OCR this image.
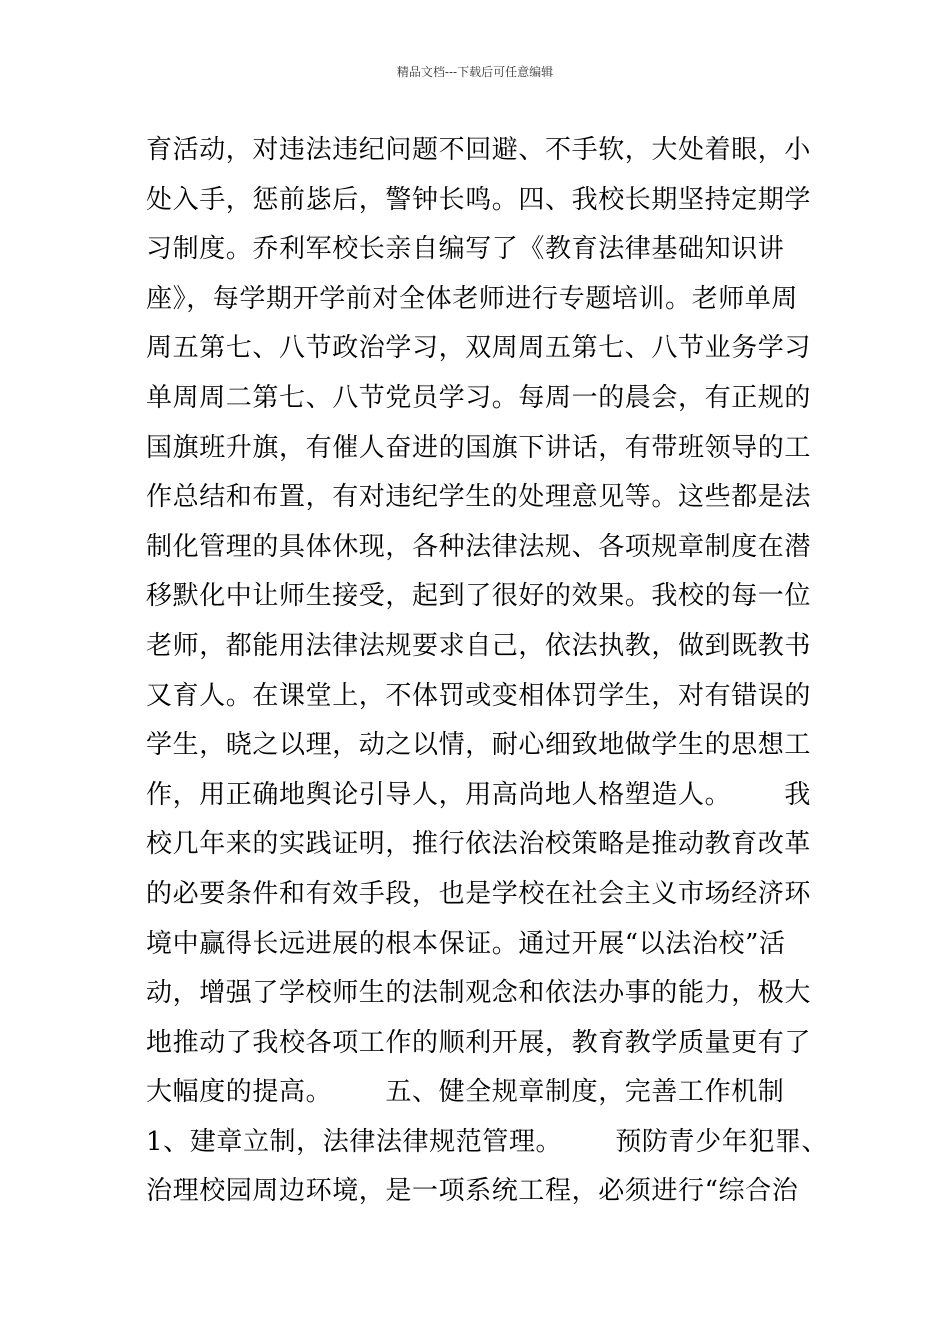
精品文档---下载后可任意编辑
育活动，对违法违纪问题不回避、不手软，大处着眼，小
处入手，惩前毖后，警钟长鸣。四、我校长期坚持定期学
习制度。乔利军校长亲自编写了《教育法律基础知识讲
座》，每学期开学前对全体老师进行专题培训。老师单周
周五第七、八节政治学习，双周周五第七、八节业务学习
单周周二第七、八节党员学习。每周一的晨会，有正规的
国旗班升旗，有催人奋进的国旗下讲话，有带班领导的工
作总结和布置，有对违纪学生的处理意见等。这些都是法
制化管理的具体休现，各种法律法规、各项规章制度在潜
移默化中让师生接受，起到了很好的效果。我校的每一位
老师，都能用法律法规要求自己，依法执教，做到既教书
又育人。在课堂上，不体罚或变相体罚学生，对有错误的
学生，晓之以理，动之以情，耐心细致地做学生的思想工
作，用正确地舆论引导人，用高尚地人格塑造人。      我
校几年来的实践证明，推行依法治校策略是推动教育改革
的必要条件和有效手段，也是学校在社会主义市场经济环
境中赢得长远进展的根本保证。通过开展“以法治校”活
动，增强了学校师生的法制观念和依法办事的能力，极大
地推动了我校各项工作的顺利开展，教育教学质量更有了
大幅度的提高。      五、健全规章制度，完善工作机制
1、建章立制，法律法律规范管理。      预防青少年犯罪、
治理校园周边环境，是一项系统工程，必须进行“综合治
